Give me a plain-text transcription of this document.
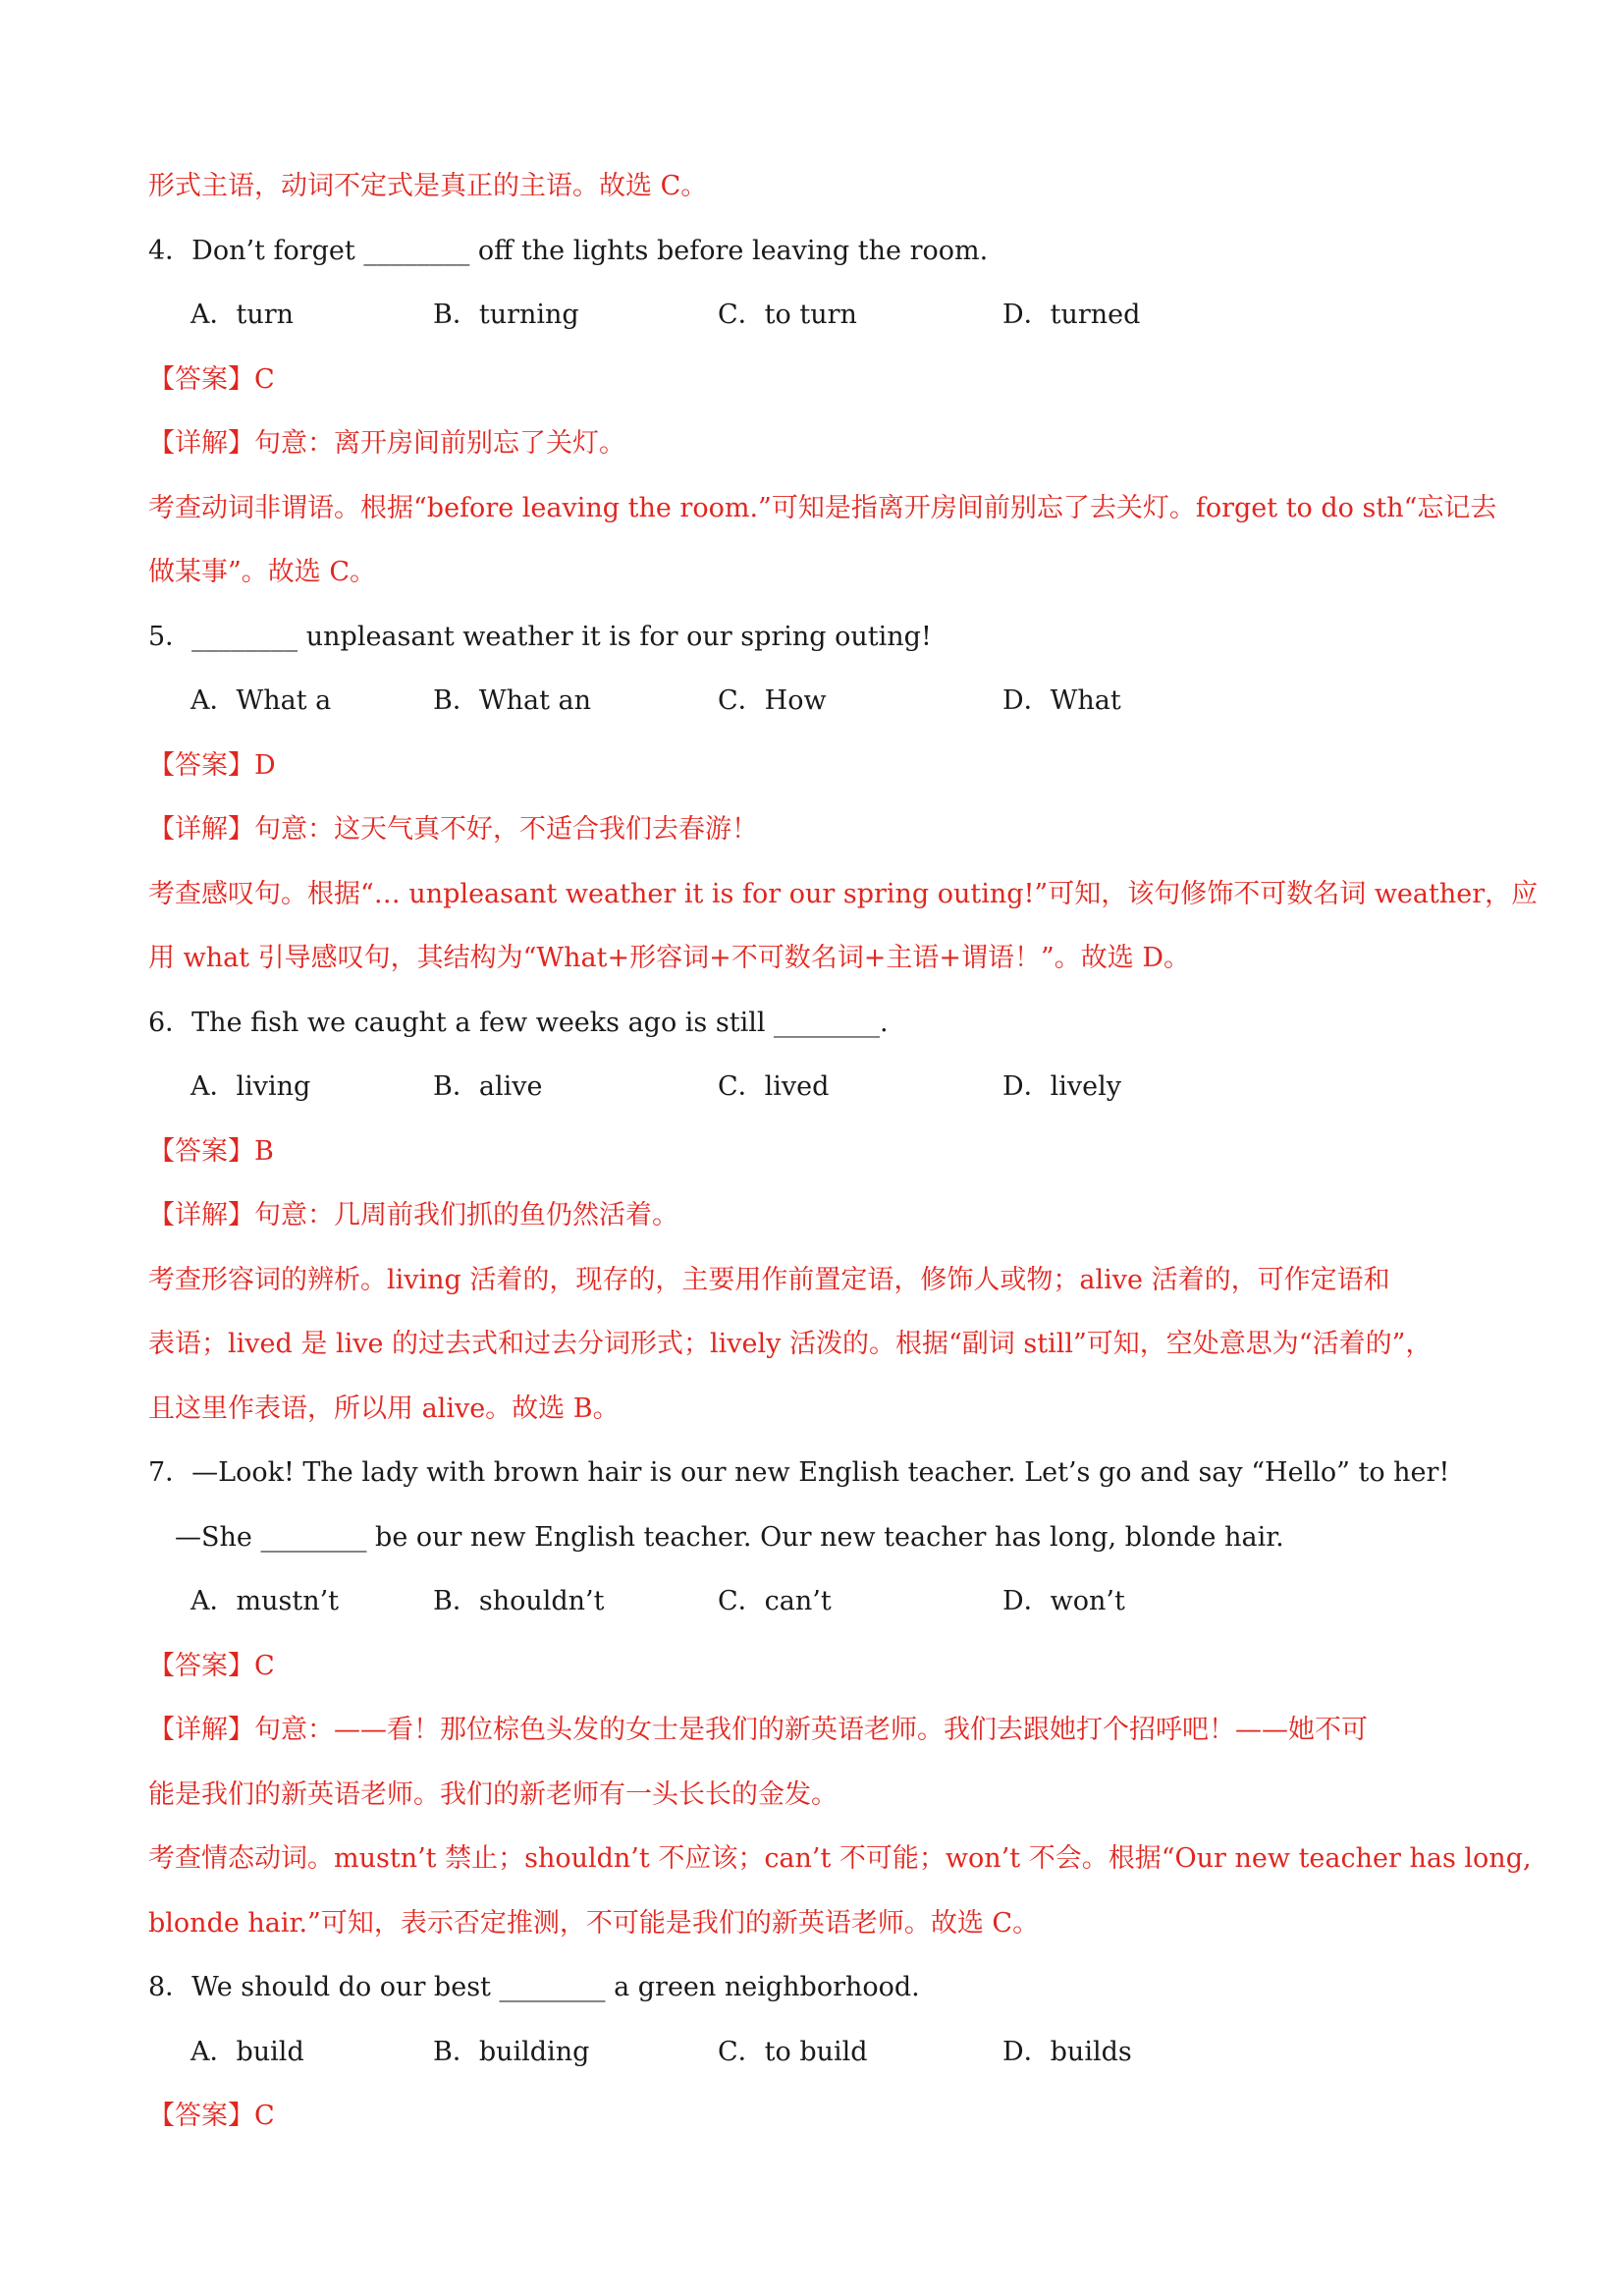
形式主语，动词不定式是真正的主语。故选 C。
4．Don’t forget ________ off the lights before leaving the room.
A．turn	B．turning	C．to turn	D．turned
【答案】C
【详解】句意：离开房间前别忘了关灯。
考查动词非谓语。根据“before leaving the room.”可知是指离开房间前别忘了去关灯。forget to do sth“忘记去
做某事”。故选 C。
5．________ unpleasant weather it is for our spring outing!
A．What a	B．What an	C．How	D．What
【答案】D
【详解】句意：这天气真不好，不适合我们去春游！
考查感叹句。根据“… unpleasant weather it is for our spring outing!”可知，该句修饰不可数名词 weather，应
用 what 引导感叹句，其结构为“What+形容词+不可数名词+主语+谓语！”。故选 D。
6．The fish we caught a few weeks ago is still ________.
A．living	B．alive	C．lived	D．lively
【答案】B
【详解】句意：几周前我们抓的鱼仍然活着。
考查形容词的辨析。living 活着的，现存的，主要用作前置定语，修饰人或物；alive 活着的，可作定语和
表语；lived 是 live 的过去式和过去分词形式；lively 活泼的。根据“副词 still”可知，空处意思为“活着的”，
且这里作表语，所以用 alive。故选 B。
7．—Look! The lady with brown hair is our new English teacher. Let’s go and say “Hello” to her!
—She ________ be our new English teacher. Our new teacher has long, blonde hair.
A．mustn’t	B．shouldn’t	C．can’t	D．won’t
【答案】C
【详解】句意：——看！那位棕色头发的女士是我们的新英语老师。我们去跟她打个招呼吧！——她不可
能是我们的新英语老师。我们的新老师有一头长长的金发。
考查情态动词。mustn’t 禁止；shouldn’t 不应该；can’t 不可能；won’t 不会。根据“Our new teacher has long,
blonde hair.”可知，表示否定推测，不可能是我们的新英语老师。故选 C。
8．We should do our best ________ a green neighborhood.
A．build	B．building	C．to build	D．builds
【答案】C
